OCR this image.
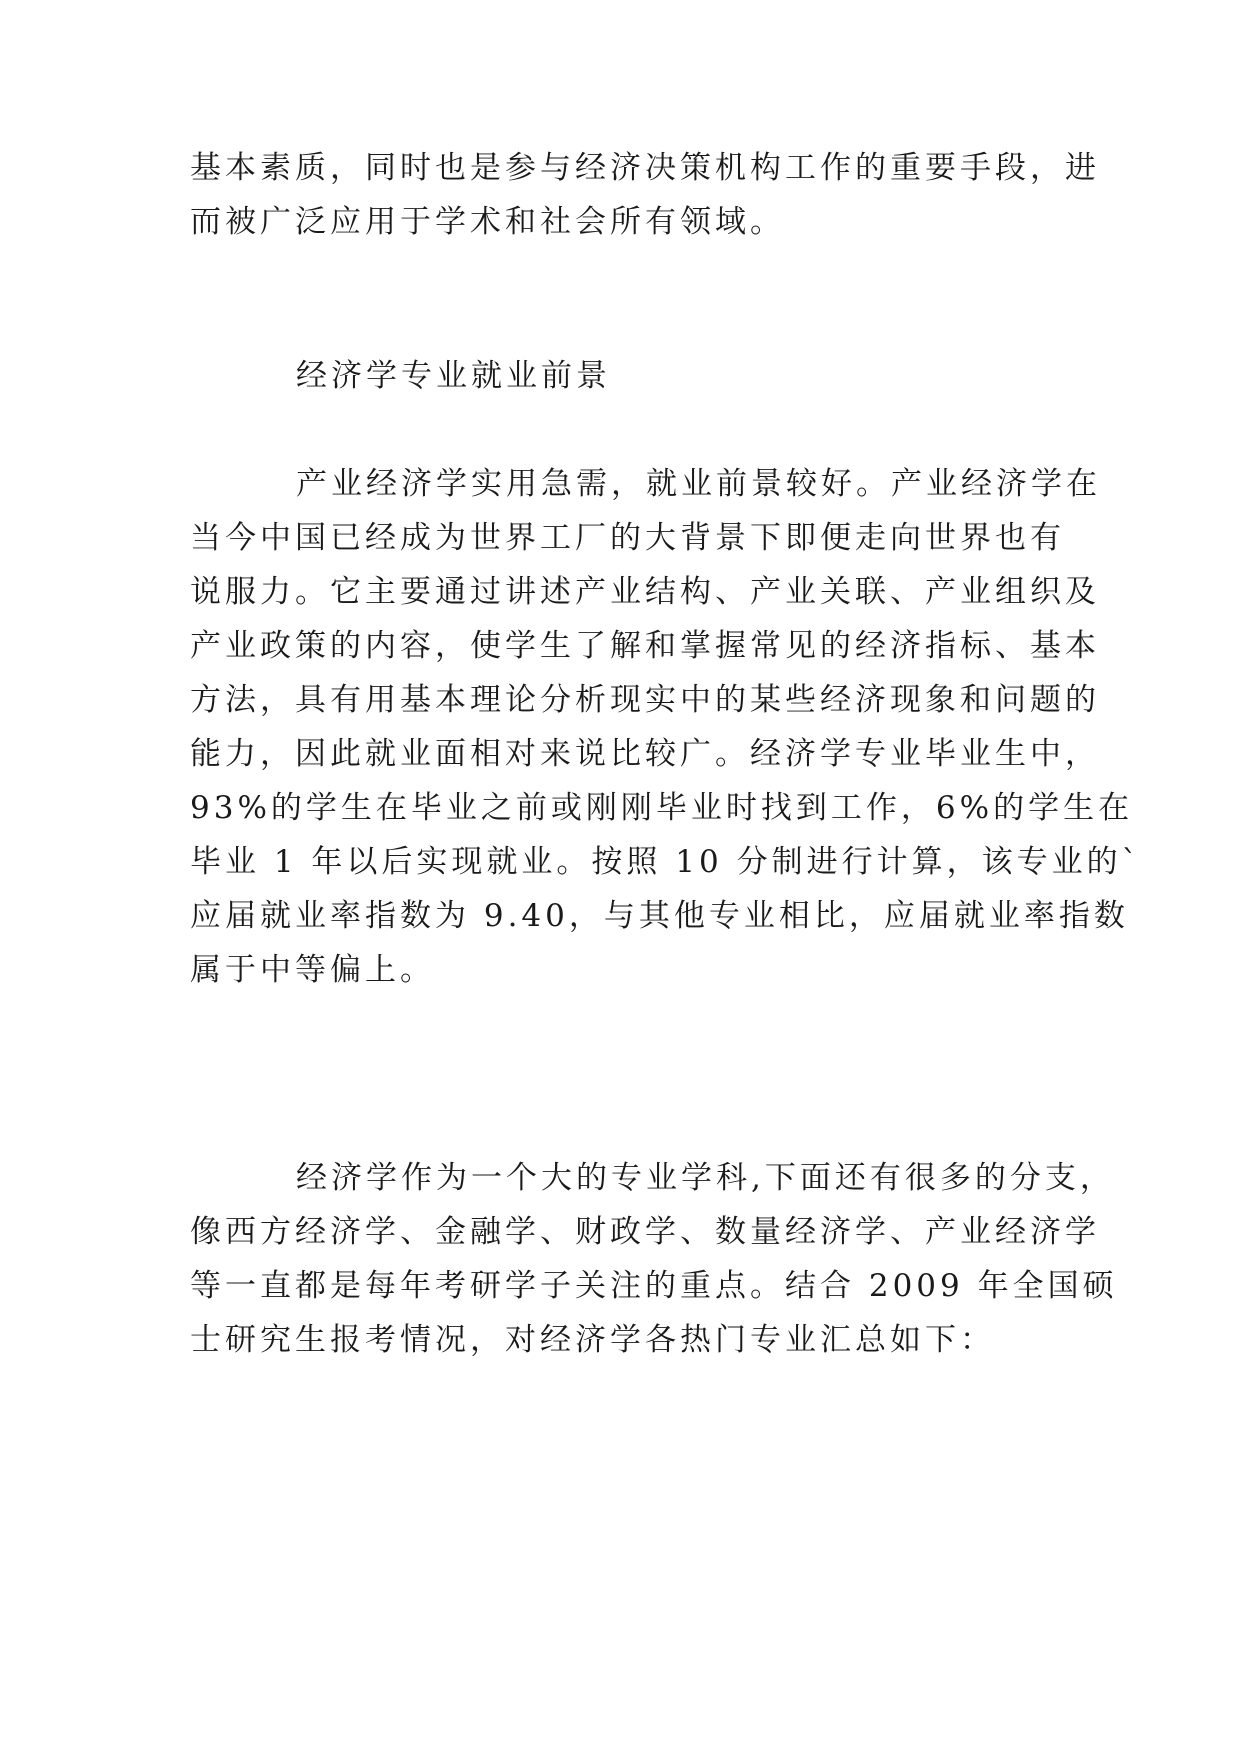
基本素质，同时也是参与经济决策机构工作的重要手段，进
而被广泛应用于学术和社会所有领域。
经济学专业就业前景
产业经济学实用急需，就业前景较好。产业经济学在
当今中国已经成为世界工厂的大背景下即便走向世界也有
说服力。它主要通过讲述产业结构、产业关联、产业组织及
产业政策的内容，使学生了解和掌握常见的经济指标、基本
方法，具有用基本理论分析现实中的某些经济现象和问题的
能力，因此就业面相对来说比较广。经济学专业毕业生中，
93%的学生在毕业之前或刚刚毕业时找到工作，6%的学生在
毕业 1 年以后实现就业。按照 10 分制进行计算，该专业的`
应届就业率指数为 9.40，与其他专业相比，应届就业率指数
属于中等偏上。
经济学作为一个大的专业学科,下面还有很多的分支，
像西方经济学、金融学、财政学、数量经济学、产业经济学
等一直都是每年考研学子关注的重点。结合 2009 年全国硕
士研究生报考情况，对经济学各热门专业汇总如下：
